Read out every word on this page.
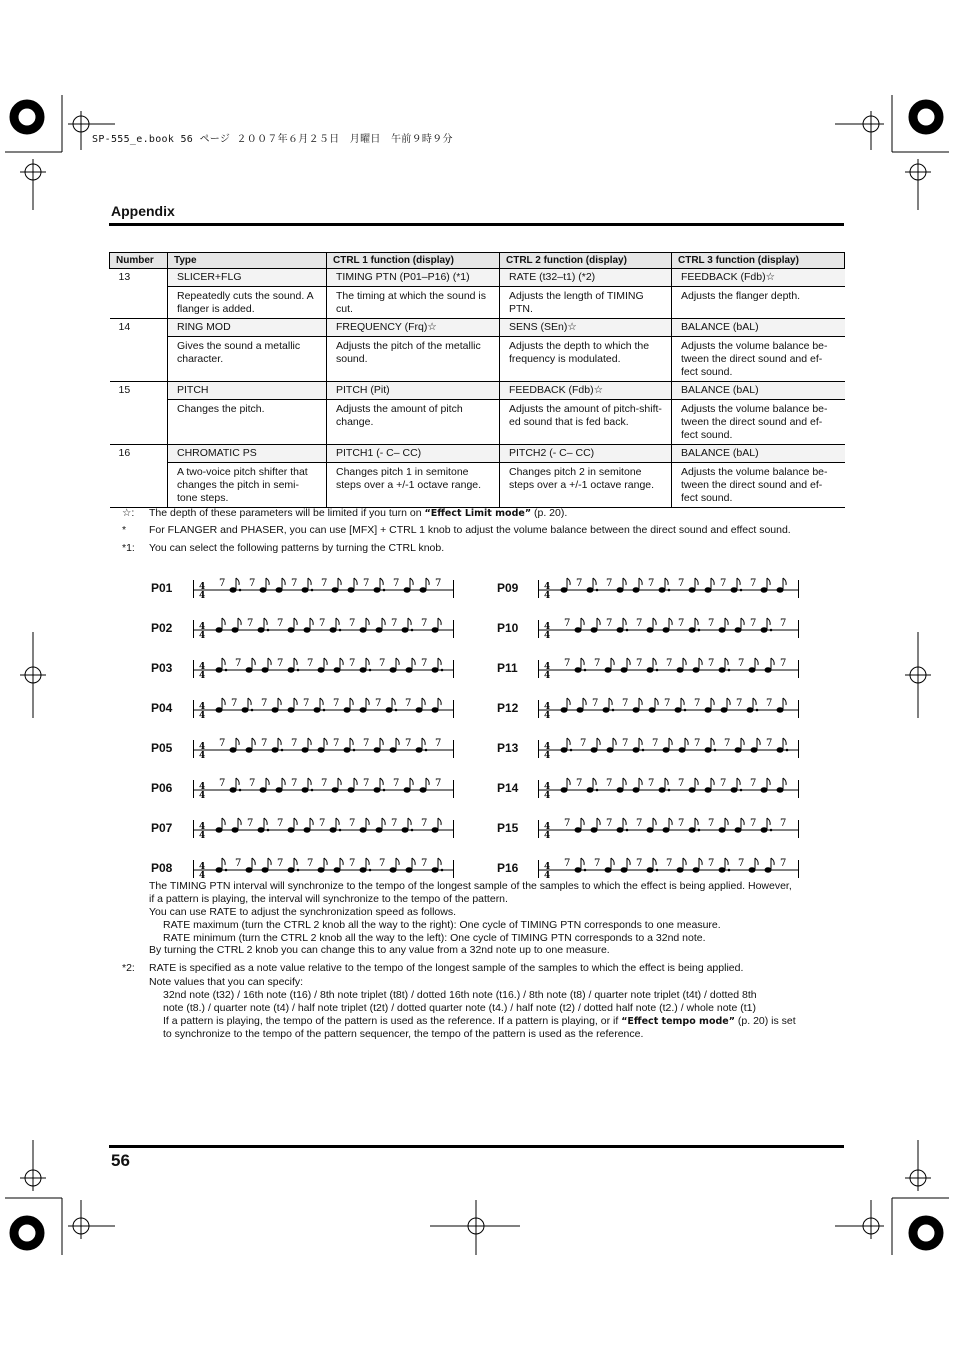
SP-555_e.book 56 ページ ２００７年６月２５日　月曜日　午前９時９分
Appendix
Number	Type	CTRL 1 function (display)	CTRL 2 function (display)	CTRL 3 function (display)
13	SLICER+FLG	TIMING PTN (P01–P16) (*1)	RATE (t32–t1) (*2)	FEEDBACK (Fdb)☆
	Repeatedly cuts the sound. A flanger is added.	The timing at which the sound is cut.	Adjusts the length of TIMING PTN.	Adjusts the flanger depth.
14	RING MOD	FREQUENCY (Frq)☆	SENS (SEn)☆	BALANCE (bAL)
	Gives the sound a metallic character.	Adjusts the pitch of the metallic sound.	Adjusts the depth to which the frequency is modulated.	Adjusts the volume balance be-tween the direct sound and ef-fect sound.
15	PITCH	PITCH (Pit)	FEEDBACK (Fdb)☆	BALANCE (bAL)
	Changes the pitch.	Adjusts the amount of pitch change.	Adjusts the amount of pitch-shift-ed sound that is fed back.	Adjusts the volume balance be-tween the direct sound and ef-fect sound.
16	CHROMATIC PS	PITCH1 (- C– CC)	PITCH2 (- C– CC)	BALANCE (bAL)
	A two-voice pitch shifter that changes the pitch in semi-tone steps.	Changes pitch 1 in semitone steps over a +/-1 octave range.	Changes pitch 2 in semitone steps over a +/-1 octave range.	Adjusts the volume balance be-tween the direct sound and ef-fect sound.
☆: The depth of these parameters will be limited if you turn on “Effect Limit mode” (p. 20).
* For FLANGER and PHASER, you can use [MFX] + CTRL 1 knob to adjust the volume balance between the direct sound and effect sound.
*1: You can select the following patterns by turning the CTRL knob.
P01	4
4
7 7	7 7	7 7	7
P02	4
4
7 7	7 7	7 7
P03	4
4
7	7 7	7 7	7
P04	4
4
7 7	7 7	7 7
P05	4
4
7	7 7	7 7	7 7
P06	4
4
7 7	7 7	7 7	7
P07	4
4
7 7	7 7	7 7
P08	4
4
7	7 7	7 7	7
P09	4
4
7 7	7 7	7 7
P10	4
4
7	7 7	7 7	7 7
P11	4
4
7 7	7 7	7 7	7
P12	4
4
7 7	7 7	7 7
P13	4
4
7	7 7	7 7	7
P14	4
4
7 7	7 7	7 7
P15	4
4
7	7 7	7 7	7 7
P16	4
4
7 7	7 7	7 7	7
The TIMING PTN interval will synchronize to the tempo of the longest sample of the samples to which the effect is being applied. However,
if a pattern is playing, the interval will synchronize to the tempo of the pattern.
You can use RATE to adjust the synchronization speed as follows.
RATE maximum (turn the CTRL 2 knob all the way to the right): One cycle of TIMING PTN corresponds to one measure.
RATE minimum (turn the CTRL 2 knob all the way to the left): One cycle of TIMING PTN corresponds to a 32nd note.
By turning the CTRL 2 knob you can change this to any value from a 32nd note up to one measure.
*2: RATE is specified as a note value relative to the tempo of the longest sample of the samples to which the effect is being applied.
Note values that you can specify:
32nd note (t32) / 16th note (t16) / 8th note triplet (t8t) / dotted 16th note (t16.) / 8th note (t8) / quarter note triplet (t4t) / dotted 8th
note (t8.) / quarter note (t4) / half note triplet (t2t) / dotted quarter note (t4.) / half note (t2) / dotted half note (t2.) / whole note (t1)
If a pattern is playing, the tempo of the pattern is used as the reference. If a pattern is playing, or if “Effect tempo mode” (p. 20) is set
to synchronize to the tempo of the pattern sequencer, the tempo of the pattern is used as the reference.
56
